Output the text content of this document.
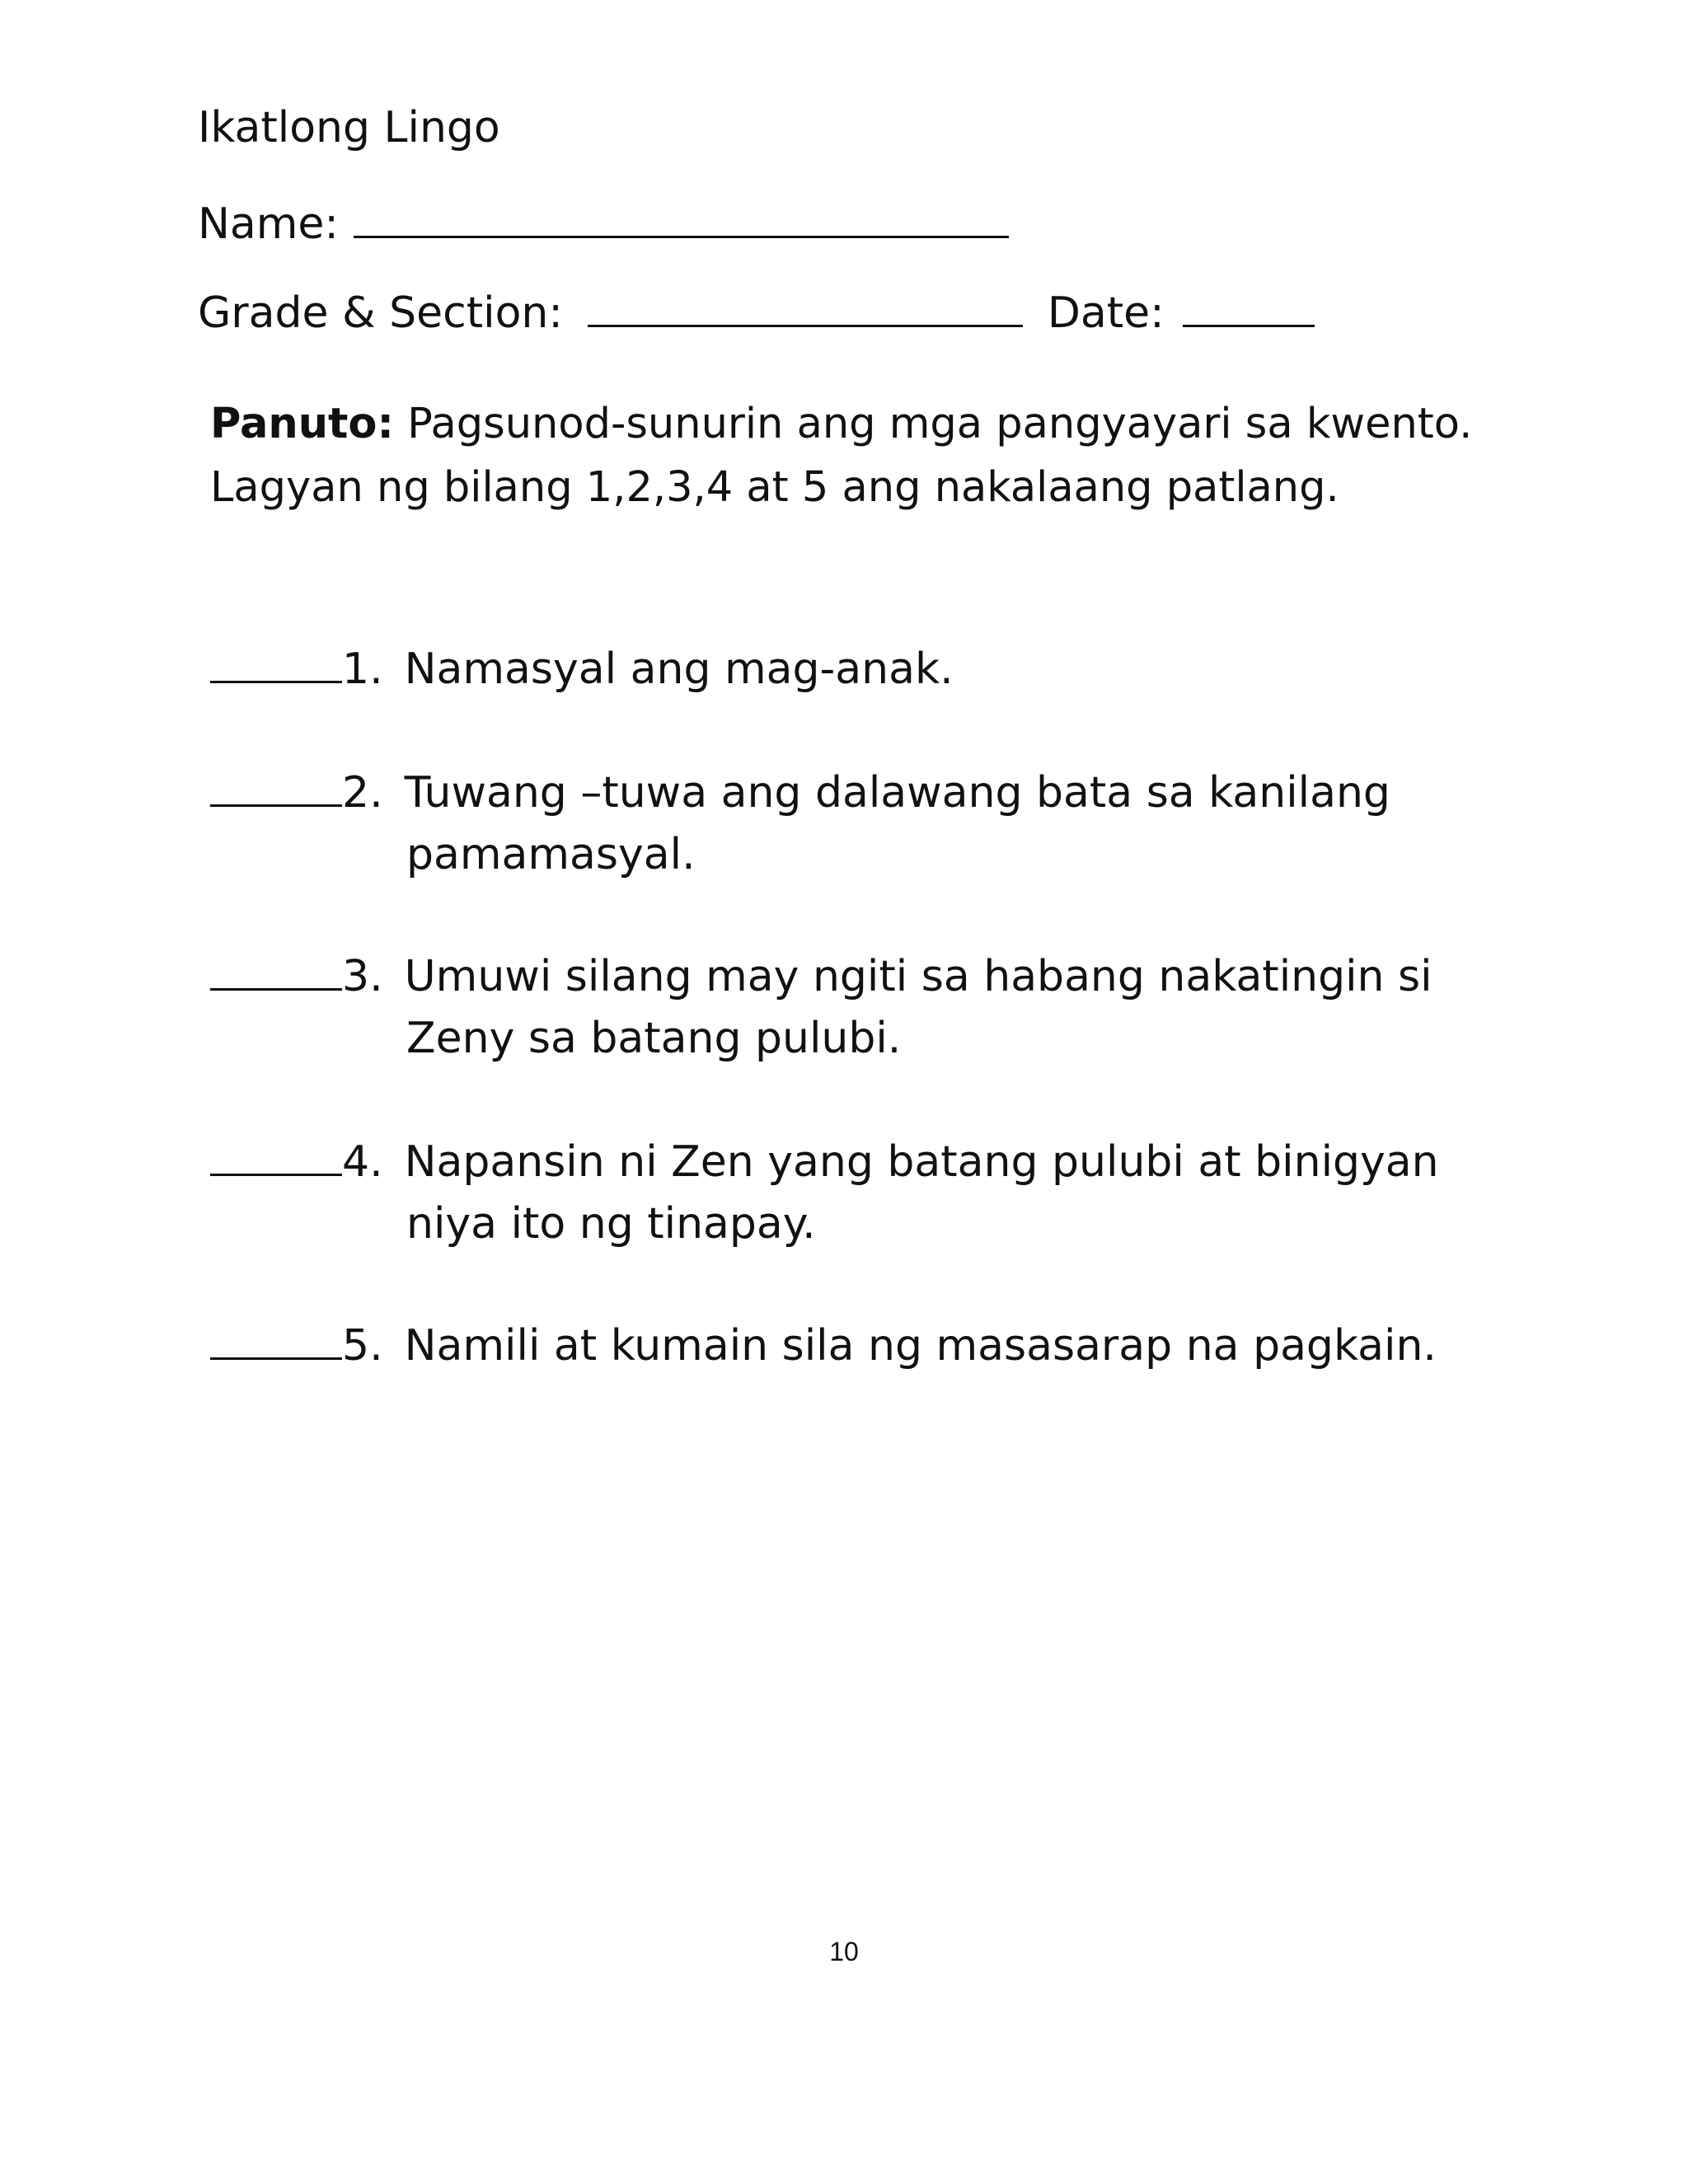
Ikatlong Lingo
Name:
Grade & Section:	Date:
Panuto: Pagsunod-sunurin ang mga pangyayari sa kwento.
Lagyan ng bilang 1,2,3,4 at 5 ang nakalaang patlang.
1. Namasyal ang mag-anak.
2. Tuwang –tuwa ang dalawang bata sa kanilang
pamamasyal.
3. Umuwi silang may ngiti sa habang nakatingin si
Zeny sa batang pulubi.
4. Napansin ni Zen yang batang pulubi at binigyan
niya ito ng tinapay.
5. Namili at kumain sila ng masasarap na pagkain.
10
